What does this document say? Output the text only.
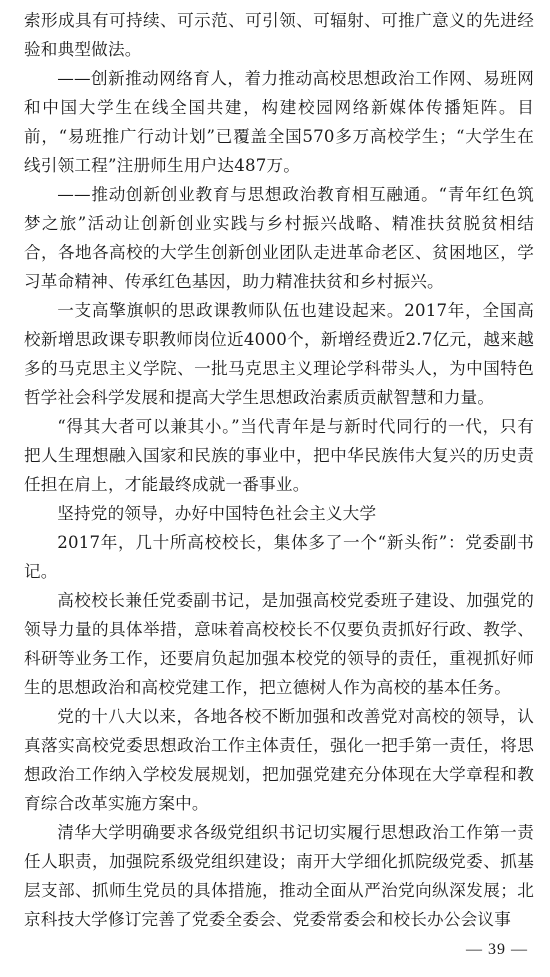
索形成具有可持续、可示范、可引领、可辐射、可推广意义的先进经验和典型做法。

——创新推动网络育人，着力推动高校思想政治工作网、易班网和中国大学生在线全国共建，构建校园网络新媒体传播矩阵。目前，“易班推广行动计划”已覆盖全国570多万高校学生；“大学生在线引领工程”注册师生用户达487万。

——推动创新创业教育与思想政治教育相互融通。“青年红色筑梦之旅”活动让创新创业实践与乡村振兴战略、精准扶贫脱贫相结合，各地各高校的大学生创新创业团队走进革命老区、贫困地区，学习革命精神、传承红色基因，助力精准扶贫和乡村振兴。

一支高擎旗帜的思政课教师队伍也建设起来。2017年，全国高校新增思政课专职教师岗位近4000个，新增经费近2.7亿元，越来越多的马克思主义学院、一批马克思主义理论学科带头人，为中国特色哲学社会科学发展和提高大学生思想政治素质贡献智慧和力量。

“得其大者可以兼其小。”当代青年是与新时代同行的一代，只有把人生理想融入国家和民族的事业中，把中华民族伟大复兴的历史责任担在肩上，才能最终成就一番事业。

坚持党的领导，办好中国特色社会主义大学

2017年，几十所高校校长，集体多了一个“新头衔”：党委副书记。

高校校长兼任党委副书记，是加强高校党委班子建设、加强党的领导力量的具体举措，意味着高校校长不仅要负责抓好行政、教学、科研等业务工作，还要肩负起加强本校党的领导的责任，重视抓好师生的思想政治和高校党建工作，把立德树人作为高校的基本任务。

党的十八大以来，各地各校不断加强和改善党对高校的领导，认真落实高校党委思想政治工作主体责任，强化一把手第一责任，将思想政治工作纳入学校发展规划，把加强党建充分体现在大学章程和教育综合改革实施方案中。

清华大学明确要求各级党组织书记切实履行思想政治工作第一责任人职责，加强院系级党组织建设；南开大学细化抓院级党委、抓基层支部、抓师生党员的具体措施，推动全面从严治党向纵深发展；北京科技大学修订完善了党委全委会、党委常委会和校长办公会议事

— 39 —
